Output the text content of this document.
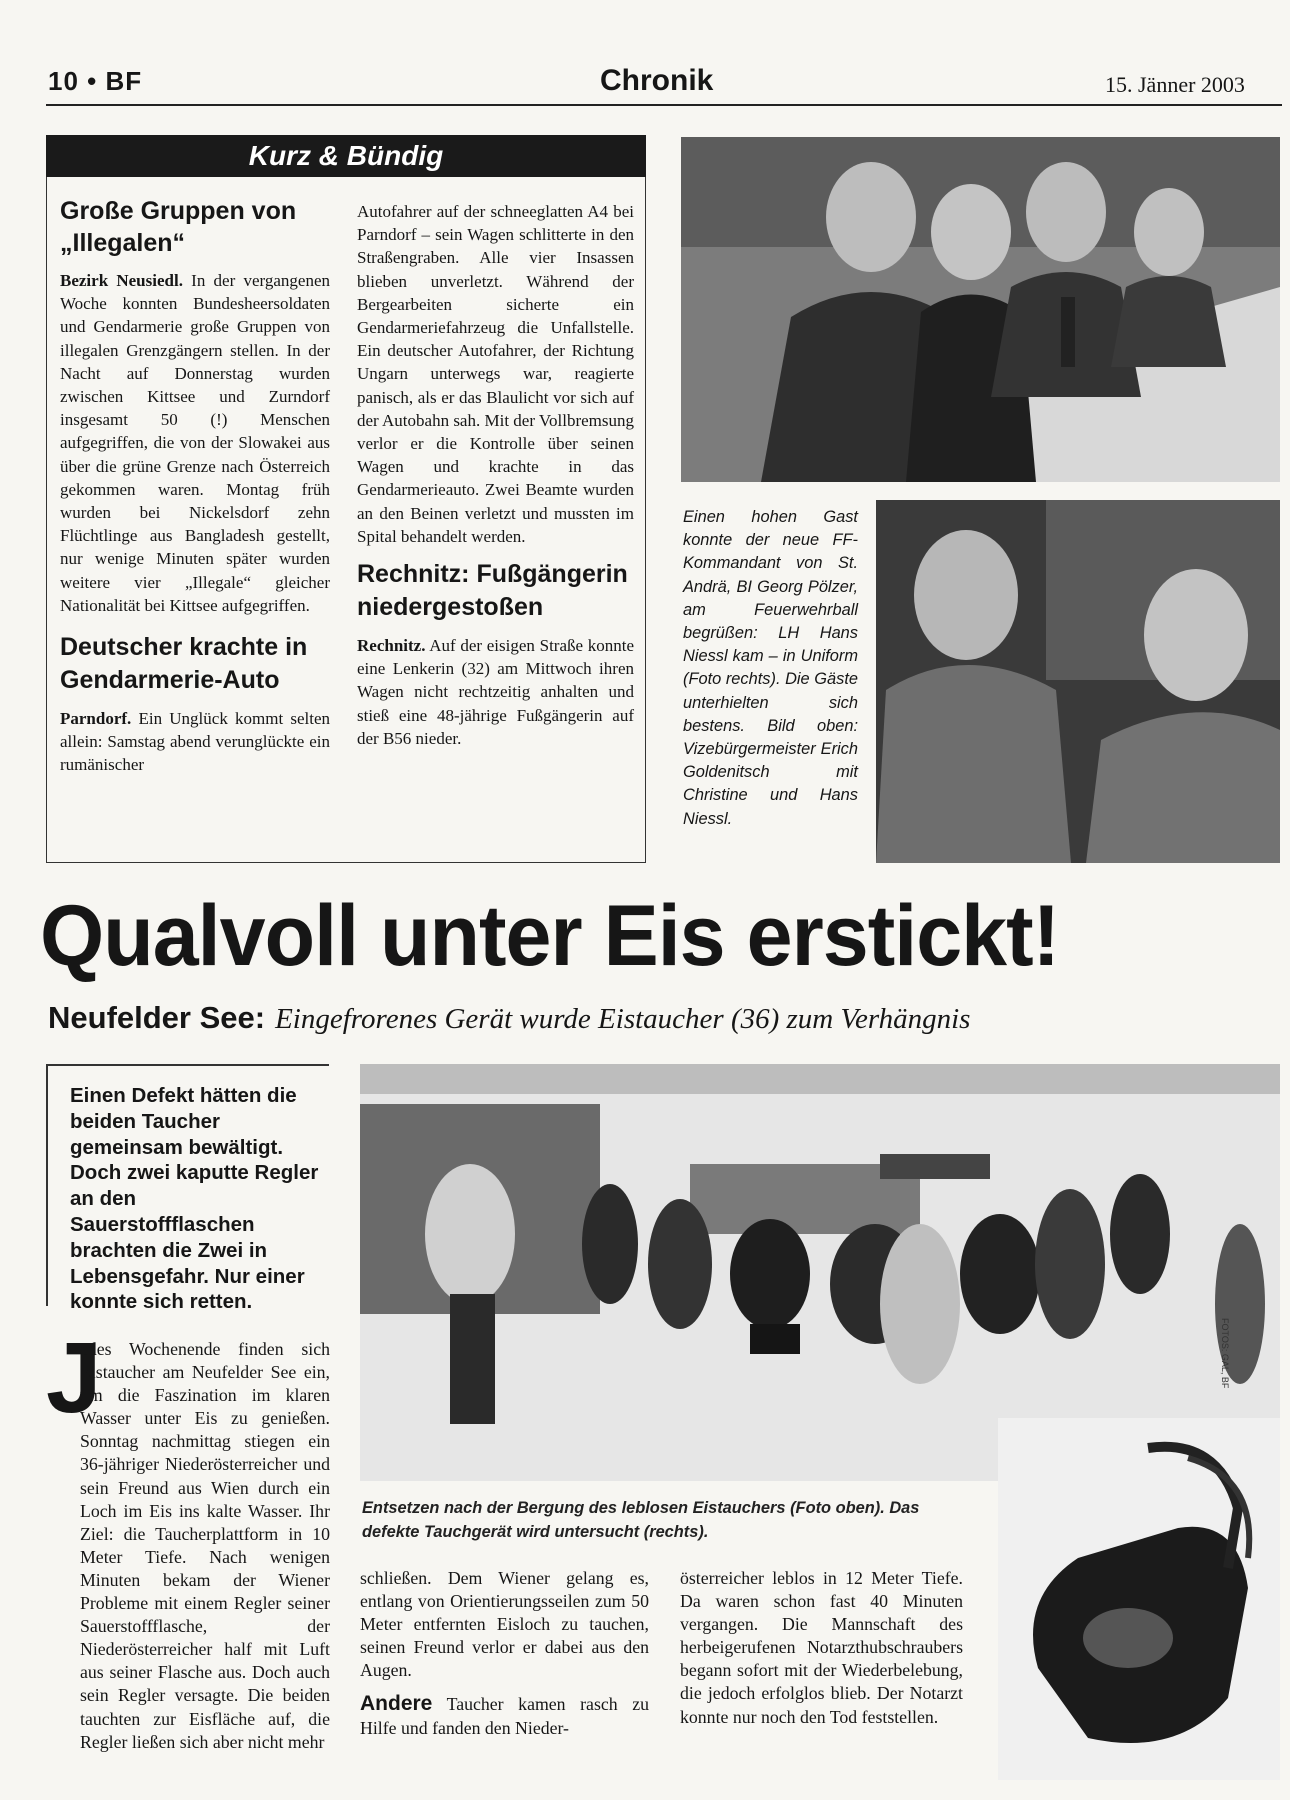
10 • BF	Chronik	15. Jänner 2003
Kurz & Bündig
Große Gruppen von „Illegalen“

Bezirk Neusiedl. In der vergangenen Woche konnten Bundesheersoldaten und Gendarmerie große Gruppen von illegalen Grenzgängern stellen. In der Nacht auf Donnerstag wurden zwischen Kittsee und Zurndorf insgesamt 50 (!) Menschen aufgegriffen, die von der Slowakei aus über die grüne Grenze nach Österreich gekommen waren. Montag früh wurden bei Nickelsdorf zehn Flüchtlinge aus Bangladesh gestellt, nur wenige Minuten später wurden weitere vier „Illegale“ gleicher Nationalität bei Kittsee aufgegriffen.

Deutscher krachte in Gendarmerie-Auto

Parndorf. Ein Unglück kommt selten allein: Samstag abend verunglückte ein rumänischer

Autofahrer auf der schneeglatten A4 bei Parndorf – sein Wagen schlitterte in den Straßengraben. Alle vier Insassen blieben unverletzt. Während der Bergearbeiten sicherte ein Gendarmeriefahrzeug die Unfallstelle. Ein deutscher Autofahrer, der Richtung Ungarn unterwegs war, reagierte panisch, als er das Blaulicht vor sich auf der Autobahn sah. Mit der Vollbremsung verlor er die Kontrolle über seinen Wagen und krachte in das Gendarmerieauto. Zwei Beamte wurden an den Beinen verletzt und mussten im Spital behandelt werden.

Rechnitz: Fußgängerin niedergestoßen

Rechnitz. Auf der eisigen Straße konnte eine Lenkerin (32) am Mittwoch ihren Wagen nicht rechtzeitig anhalten und stieß eine 48-jährige Fußgängerin auf der B56 nieder.

Einen hohen Gast konnte der neue FF-Kommandant von St. Andrä, BI Georg Pölzer, am Feuerwehrball begrüßen: LH Hans Niessl kam – in Uniform (Foto rechts). Die Gäste unterhielten sich bestens. Bild oben: Vizebürgermeister Erich Goldenitsch mit Christine und Hans Niessl.

Qualvoll unter Eis erstickt!
Neufelder See: Eingefrorenes Gerät wurde Eistaucher (36) zum Verhängnis

Einen Defekt hätten die beiden Taucher gemeinsam bewältigt. Doch zwei kaputte Regler an den Sauerstoffflaschen brachten die Zwei in Lebensgefahr. Nur einer konnte sich retten.

FOTOS: GAL, BF

Entsetzen nach der Bergung des leblosen Eistauchers (Foto oben). Das defekte Tauchgerät wird untersucht (rechts).

J

edes Wochenende finden sich Eistaucher am Neufelder See ein, um die Faszination im klaren Wasser unter Eis zu genießen. Sonntag nachmittag stiegen ein 36-jähriger Niederösterreicher und sein Freund aus Wien durch ein Loch im Eis ins kalte Wasser. Ihr Ziel: die Taucherplattform in 10 Meter Tiefe. Nach wenigen Minuten bekam der Wiener Probleme mit einem Regler seiner Sauerstoffflasche, der Niederösterreicher half mit Luft aus seiner Flasche aus. Doch auch sein Regler versagte. Die beiden tauchten zur Eisfläche auf, die Regler ließen sich aber nicht mehr

schließen. Dem Wiener gelang es, entlang von Orientierungsseilen zum 50 Meter entfernten Eisloch zu tauchen, seinen Freund verlor er dabei aus den Augen.

Andere Taucher kamen rasch zu Hilfe und fanden den Nieder-

österreicher leblos in 12 Meter Tiefe. Da waren schon fast 40 Minuten vergangen. Die Mannschaft des herbeigerufenen Notarzthubschraubers begann sofort mit der Wiederbelebung, die jedoch erfolglos blieb. Der Notarzt konnte nur noch den Tod feststellen.
